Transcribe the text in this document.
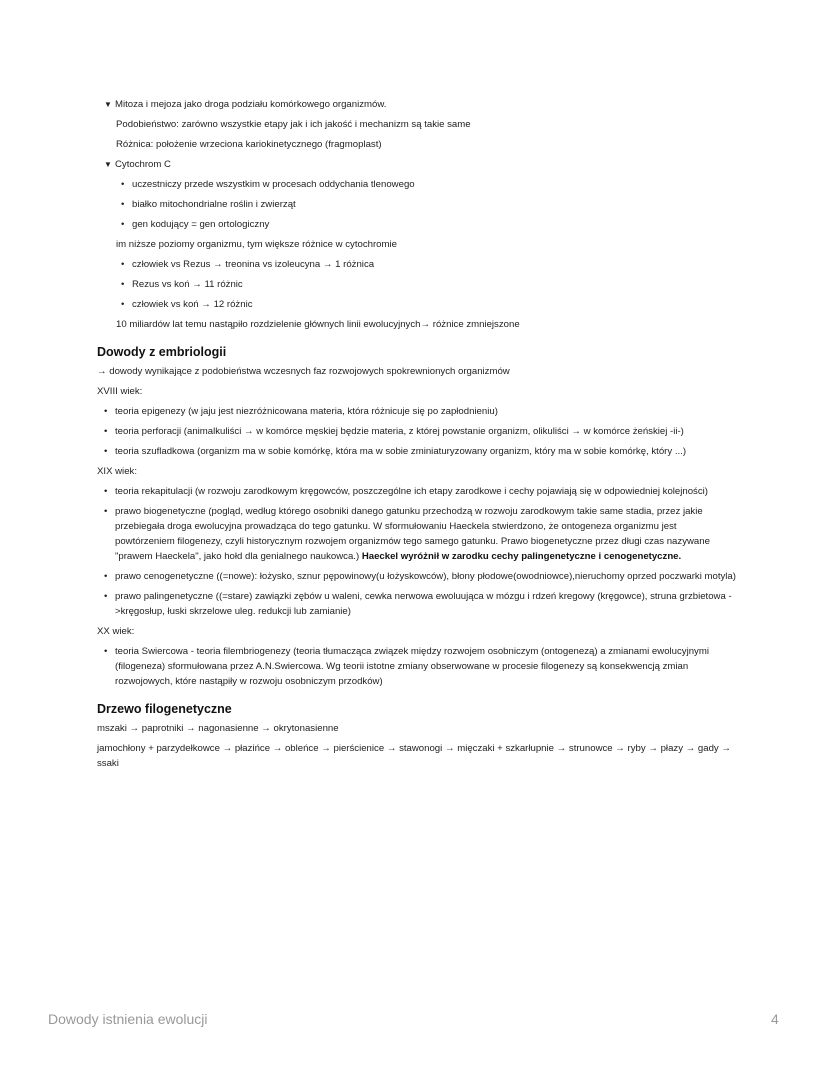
▼ Mitoza i mejoza jako droga podziału komórkowego organizmów.
Podobieństwo: zarówno wszystkie etapy jak i ich jakość i mechanizm są takie same
Różnica: położenie wrzeciona kariokinetycznego (fragmoplast)
▼ Cytochrom C
• uczestniczy przede wszystkim w procesach oddychania tlenowego
• białko mitochondrialne roślin i zwierząt
• gen kodujący = gen ortologiczny
im niższe poziomy organizmu, tym większe różnice w cytochromie
• człowiek vs Rezus → treonina vs izoleucyna → 1 różnica
• Rezus vs koń → 11 różnic
• człowiek vs koń → 12 różnic
10 miliardów lat temu nastąpiło rozdzielenie głównych linii ewolucyjnych→ różnice zmniejszone
Dowody z embriologii
→ dowody wynikające z podobieństwa wczesnych faz rozwojowych spokrewnionych organizmów
XVIII wiek:
• teoria epigenezy (w jaju jest niezróżnicowana materia, która różnicuje się po zapłodnieniu)
• teoria perforacji (animalkuliści → w komórce męskiej będzie materia, z której powstanie organizm, olikuliści → w komórce żeńskiej -ii-)
• teoria szufladkowa (organizm ma w sobie komórkę, która ma w sobie zminiaturyzowany organizm, który ma w sobie komórkę, który ...)
XIX wiek:
• teoria rekapitulacji (w rozwoju zarodkowym kręgowców, poszczególne ich etapy zarodkowe i cechy pojawiają się w odpowiedniej kolejności)
• prawo biogenetyczne (pogląd, według którego osobniki danego gatunku przechodzą w rozwoju zarodkowym takie same stadia, przez jakie przebiegała droga ewolucyjna prowadząca do tego gatunku. W sformułowaniu Haeckela stwierdzono, że ontogeneza organizmu jest powtórzeniem filogenezy, czyli historycznym rozwojem organizmów tego samego gatunku. Prawo biogenetyczne przez długi czas nazywane "prawem Haeckela", jako hołd dla genialnego naukowca.) Haeckel wyróżnił w zarodku cechy palingenetyczne i cenogenetyczne.
• prawo cenogenetyczne ((=nowe): łożysko, sznur pępowinowy(u łożyskowców), błony płodowe(owodniowce),nieruchomy oprzed poczwarki motyla)
• prawo palingenetyczne ((=stare) zawiązki zębów u waleni, cewka nerwowa ewoluująca w mózgu i rdzeń kregowy (kręgowce), struna grzbietowa ->kręgosłup, łuski skrzelowe uleg. redukcji lub zamianie)
XX wiek:
• teoria Swiercowa - teoria filembriogenezy (teoria tłumacząca związek między rozwojem osobniczym (ontogenezą) a zmianami ewolucyjnymi (filogeneza) sformułowana przez A.N.Swiercowa. Wg teorii istotne zmiany obserwowane w procesie filogenezy są konsekwencją zmian rozwojowych, które nastąpiły w rozwoju osobniczym przodków)
Drzewo filogenetyczne
mszaki → paprotniki → nagonasienne → okrytonasienne
jamochłony + parzydełkowce → płazińce → obleńce → pierścienice → stawonogi → mięczaki + szkarłupnie → strunowce → ryby → płazy → gady → ssaki
Dowody istnienia ewolucji	4
